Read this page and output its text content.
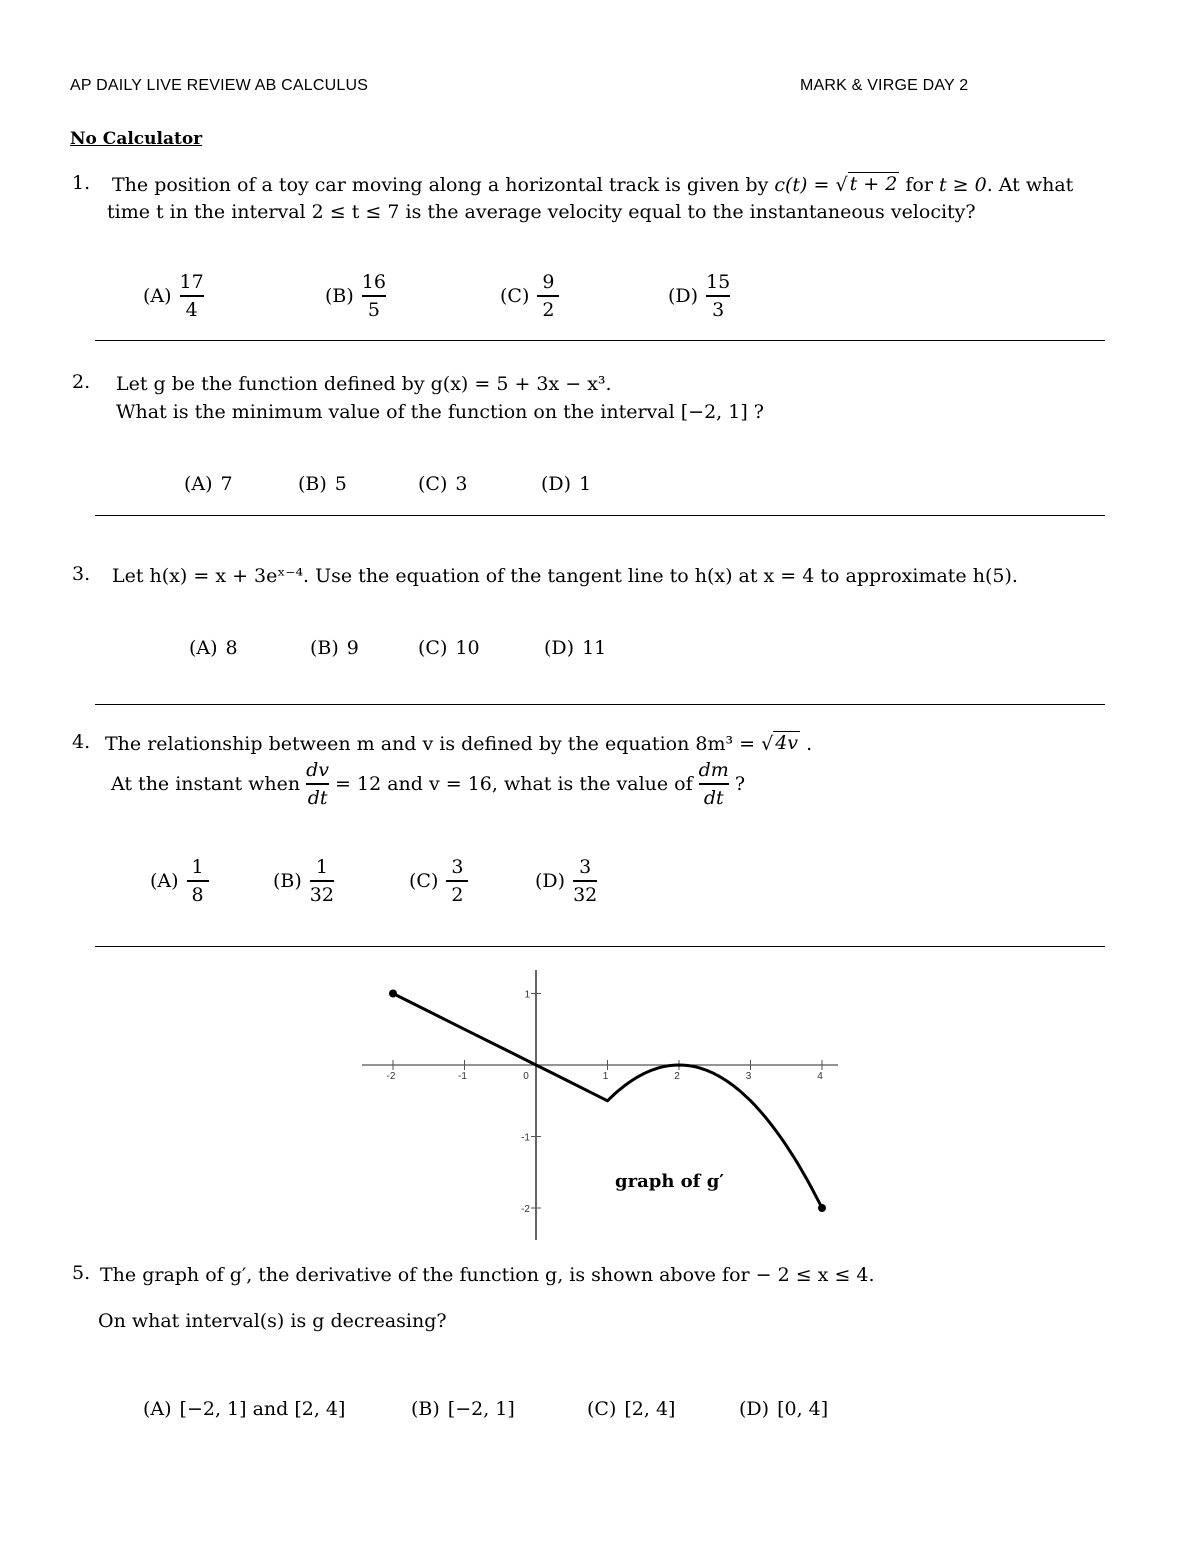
AP DAILY LIVE REVIEW AB CALCULUS	MARK & VIRGE DAY 2
No Calculator
1. The position of a toy car moving along a horizontal track is given by c(t) = √ t + 2 for t ≥ 0. At what
time t in the interval 2 ≤ t ≤ 7 is the average velocity equal to the instantaneous velocity?
$(A) \frac{17}{4}$	$(B) \frac{16}{5}$	$(C) \frac{9}{2}$	$(D) \frac{15}{3}$
2. Let g be the function defined by g(x) = 5 + 3x − x³.
What is the minimum value of the function on the interval [−2, 1] ?
(A) 7	(B) 5	(C) 3	(D) 1
3. Let h(x) = x + 3eˣ⁻⁴. Use the equation of the tangent line to h(x) at x = 4 to approximate h(5).
(A) 8	(B) 9	(C) 10	(D) 11
4. The relationship between m and v is defined by the equation 8m³ = √ 4v .
At the instant when $\frac{dv}{dt} = 12$ and v = 16, what is the value of $\frac{dm}{dt}$ ?
$(A) \frac{1}{8}$	$(B) \frac{1}{32}$	$(C) \frac{3}{2}$	$(D) \frac{3}{32}$
-2	-1	0	1	2	3	4
1
-1
-2
graph of g′
5. The graph of g′, the derivative of the function g, is shown above for − 2 ≤ x ≤ 4.
On what interval(s) is g decreasing?
(A) [−2, 1] and [2, 4]	(B) [−2, 1]	(C) [2, 4]	(D) [0, 4]
